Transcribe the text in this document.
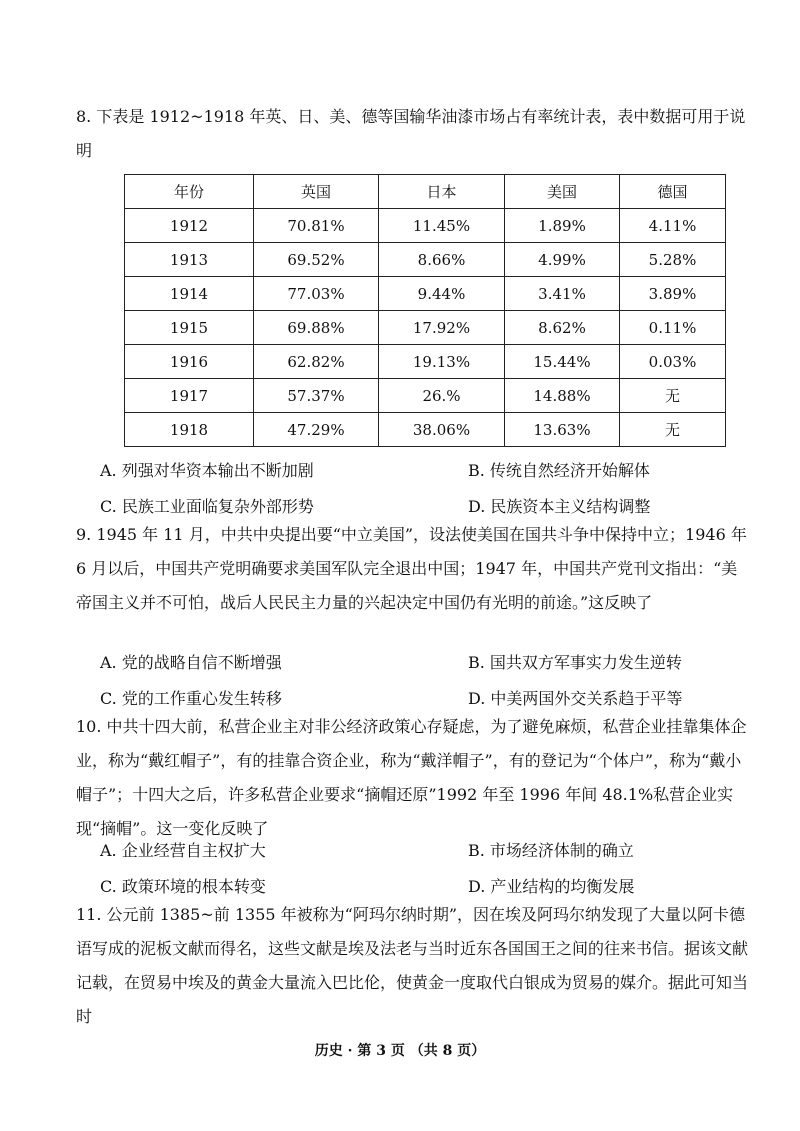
8. 下表是 1912~1918 年英、日、美、德等国输华油漆市场占有率统计表，表中数据可用于说明

年份	英国	日本	美国	德国
1912	70.81%	11.45%	1.89%	4.11%
1913	69.52%	8.66%	4.99%	5.28%
1914	77.03%	9.44%	3.41%	3.89%
1915	69.88%	17.92%	8.62%	0.11%
1916	62.82%	19.13%	15.44%	0.03%
1917	57.37%	26.%	14.88%	无
1918	47.29%	38.06%	13.63%	无
A. 列强对华资本输出不断加剧	B. 传统自然经济开始解体
C. 民族工业面临复杂外部形势	D. 民族资本主义结构调整

9. 1945 年 11 月，中共中央提出要“中立美国”，设法使美国在国共斗争中保持中立；1946 年 6 月以后，中国共产党明确要求美国军队完全退出中国；1947 年，中国共产党刊文指出：“美帝国主义并不可怕，战后人民民主力量的兴起决定中国仍有光明的前途。”这反映了

A. 党的战略自信不断增强	B. 国共双方军事实力发生逆转
C. 党的工作重心发生转移	D. 中美两国外交关系趋于平等

10. 中共十四大前，私营企业主对非公经济政策心存疑虑，为了避免麻烦，私营企业挂靠集体企业，称为“戴红帽子”，有的挂靠合资企业，称为“戴洋帽子”，有的登记为“个体户”，称为“戴小帽子”；十四大之后，许多私营企业要求“摘帽还原”1992 年至 1996 年间 48.1%私营企业实现“摘帽”。这一变化反映了

A. 企业经营自主权扩大	B. 市场经济体制的确立
C. 政策环境的根本转变	D. 产业结构的均衡发展

11. 公元前 1385~前 1355 年被称为“阿玛尔纳时期”，因在埃及阿玛尔纳发现了大量以阿卡德语写成的泥板文献而得名，这些文献是埃及法老与当时近东各国国王之间的往来书信。据该文献记载，在贸易中埃及的黄金大量流入巴比伦，使黄金一度取代白银成为贸易的媒介。据此可知当时

历史 · 第 3 页 （共 8 页）
